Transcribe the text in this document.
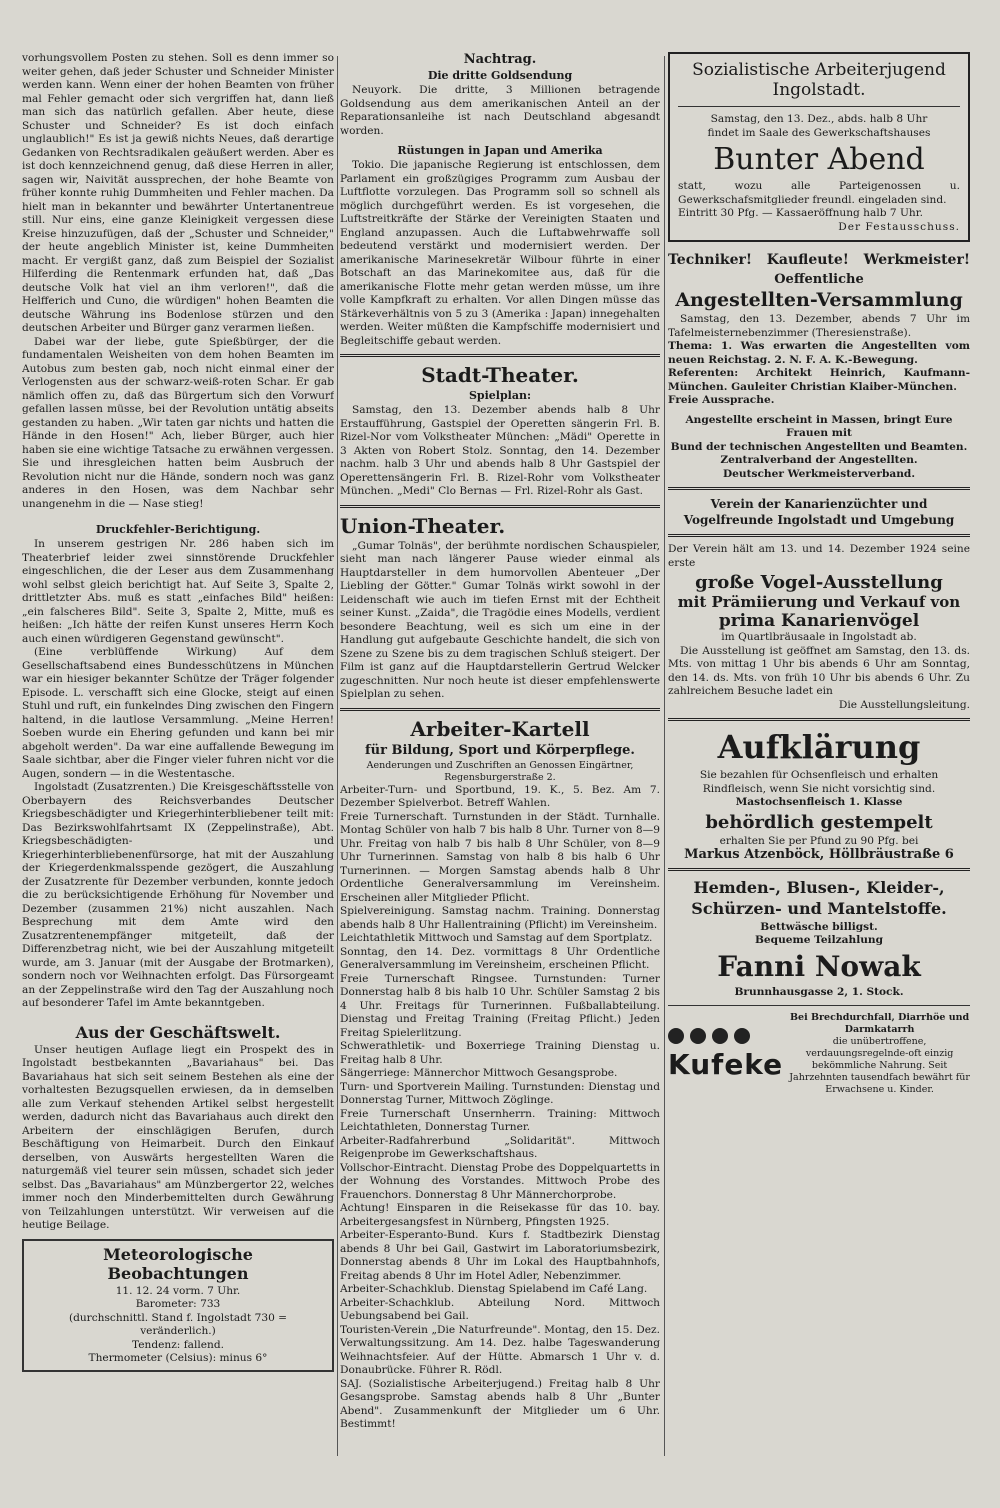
vorhungsvollem Posten zu stehen. Soll es denn immer so weiter gehen, daß jeder Schuster und Schneider Minister werden kann. Wenn einer der hohen Beamten von früher mal Fehler gemacht oder sich vergriffen hat, dann ließ man sich das natürlich gefallen. Aber heute, diese Schuster und Schneider? Es ist doch einfach unglaublich!" Es ist ja gewiß nichts Neues, daß derartige Gedanken von Rechtsradikalen geäußert werden. Aber es ist doch kennzeichnend genug, daß diese Herren in aller, sagen wir, Naivität aussprechen, der hohe Beamte von früher konnte ruhig Dummheiten und Fehler machen. Da hielt man in bekannter und bewährter Untertanentreue still. Nur eins, eine ganze Kleinigkeit vergessen diese Kreise hinzuzufügen, daß der „Schuster und Schneider," der heute angeblich Minister ist, keine Dummheiten macht. Er vergißt ganz, daß zum Beispiel der Sozialist Hilferding die Rentenmark erfunden hat, daß „Das deutsche Volk hat viel an ihm verloren!", daß die Helfferich und Cuno, die würdigen" hohen Beamten die deutsche Währung ins Bodenlose stürzen und den deutschen Arbeiter und Bürger ganz verarmen ließen.

Dabei war der liebe, gute Spießbürger, der die fundamentalen Weisheiten von dem hohen Beamten im Autobus zum besten gab, noch nicht einmal einer der Verlogensten aus der schwarz-weiß-roten Schar. Er gab nämlich offen zu, daß das Bürgertum sich den Vorwurf gefallen lassen müsse, bei der Revolution untätig abseits gestanden zu haben. „Wir taten gar nichts und hatten die Hände in den Hosen!" Ach, lieber Bürger, auch hier haben sie eine wichtige Tatsache zu erwähnen vergessen. Sie und ihresgleichen hatten beim Ausbruch der Revolution nicht nur die Hände, sondern noch was ganz anderes in den Hosen, was dem Nachbar sehr unangenehm in die — Nase stieg!

Druckfehler-Berichtigung.

In unserem gestrigen Nr. 286 haben sich im Theaterbrief leider zwei sinnstörende Druckfehler eingeschlichen, die der Leser aus dem Zusammenhang wohl selbst gleich berichtigt hat. Auf Seite 3, Spalte 2, drittletzter Abs. muß es statt „einfaches Bild" heißen: „ein falscheres Bild". Seite 3, Spalte 2, Mitte, muß es heißen: „Ich hätte der reifen Kunst unseres Herrn Koch auch einen würdigeren Gegenstand gewünscht".

(Eine verblüffende Wirkung) Auf dem Gesellschaftsabend eines Bundesschützens in München war ein hiesiger bekannter Schütze der Träger folgender Episode. L. verschafft sich eine Glocke, steigt auf einen Stuhl und ruft, ein funkelndes Ding zwischen den Fingern haltend, in die lautlose Versammlung. „Meine Herren! Soeben wurde ein Ehering gefunden und kann bei mir abgeholt werden". Da war eine auffallende Bewegung im Saale sichtbar, aber die Finger vieler fuhren nicht vor die Augen, sondern — in die Westentasche.

Ingolstadt (Zusatzrenten.) Die Kreisgeschäftsstelle von Oberbayern des Reichsverbandes Deutscher Kriegsbeschädigter und Kriegerhinterbliebener teilt mit: Das Bezirkswohlfahrtsamt IX (Zeppelinstraße), Abt. Kriegsbeschädigten- und Kriegerhinterbliebenenfürsorge, hat mit der Auszahlung der Kriegerdenkmalsspende gezögert, die Auszahlung der Zusatzrente für Dezember verbunden, konnte jedoch die zu berücksichtigende Erhöhung für November und Dezember (zusammen 21%) nicht auszahlen. Nach Besprechung mit dem Amte wird den Zusatzrentenempfänger mitgeteilt, daß der Differenzbetrag nicht, wie bei der Auszahlung mitgeteilt wurde, am 3. Januar (mit der Ausgabe der Brotmarken), sondern noch vor Weihnachten erfolgt. Das Fürsorgeamt an der Zeppelinstraße wird den Tag der Auszahlung noch auf besonderer Tafel im Amte bekanntgeben.

Aus der Geschäftswelt.

Unser heutigen Auflage liegt ein Prospekt des in Ingolstadt bestbekannten „Bavariahaus" bei. Das Bavariahaus hat sich seit seinem Bestehen als eine der vorhaltesten Bezugsquellen erwiesen, da in demselben alle zum Verkauf stehenden Artikel selbst hergestellt werden, dadurch nicht das Bavariahaus auch direkt den Arbeitern der einschlägigen Berufen, durch Beschäftigung von Heimarbeit. Durch den Einkauf derselben, von Auswärts hergestellten Waren die naturgemäß viel teurer sein müssen, schadet sich jeder selbst. Das „Bavariahaus" am Münzbergertor 22, welches immer noch den Minderbemittelten durch Gewährung von Teilzahlungen unterstützt. Wir verweisen auf die heutige Beilage.

Meteorologische Beobachtungen

11. 12. 24 vorm. 7 Uhr.

Barometer: 733

(durchschnittl. Stand f. Ingolstadt 730 = veränderlich.)

Tendenz: fallend.

Thermometer (Celsius): minus 6°

Nachtrag.
Die dritte Goldsendung

Neuyork. Die dritte, 3 Millionen betragende Goldsendung aus dem amerikanischen Anteil an der Reparationsanleihe ist nach Deutschland abgesandt worden.

Rüstungen in Japan und Amerika

Tokio. Die japanische Regierung ist entschlossen, dem Parlament ein großzügiges Programm zum Ausbau der Luftflotte vorzulegen. Das Programm soll so schnell als möglich durchgeführt werden. Es ist vorgesehen, die Luftstreitkräfte der Stärke der Vereinigten Staaten und England anzupassen. Auch die Luftabwehrwaffe soll bedeutend verstärkt und modernisiert werden. Der amerikanische Marinesekretär Wilbour führte in einer Botschaft an das Marinekomitee aus, daß für die amerikanische Flotte mehr getan werden müsse, um ihre volle Kampfkraft zu erhalten. Vor allen Dingen müsse das Stärkeverhältnis von 5 zu 3 (Amerika : Japan) innegehalten werden. Weiter müßten die Kampfschiffe modernisiert und Begleitschiffe gebaut werden.

Stadt-Theater.
Spielplan:

Samstag, den 13. Dezember abends halb 8 Uhr Erstaufführung, Gastspiel der Operetten sängerin Frl. B. Rizel-Nor vom Volkstheater München: „Mädi" Operette in 3 Akten von Robert Stolz. Sonntag, den 14. Dezember nachm. halb 3 Uhr und abends halb 8 Uhr Gastspiel der Operettensängerin Frl. B. Rizel-Rohr vom Volkstheater München. „Medi" Clo Bernas — Frl. Rizel-Rohr als Gast.

Union-Theater.

„Gumar Tolnäs", der berühmte nordischen Schauspieler, sieht man nach längerer Pause wieder einmal als Hauptdarsteller in dem humorvollen Abenteuer „Der Liebling der Götter." Gumar Tolnäs wirkt sowohl in der Leidenschaft wie auch im tiefen Ernst mit der Echtheit seiner Kunst. „Zaida", die Tragödie eines Modells, verdient besondere Beachtung, weil es sich um eine in der Handlung gut aufgebaute Geschichte handelt, die sich von Szene zu Szene bis zu dem tragischen Schluß steigert. Der Film ist ganz auf die Hauptdarstellerin Gertrud Welcker zugeschnitten. Nur noch heute ist dieser empfehlenswerte Spielplan zu sehen.

Arbeiter-Kartell
für Bildung, Sport und Körperpflege.

Aenderungen und Zuschriften an Genossen Eingärtner, Regensburgerstraße 2.

Arbeiter-Turn- und Sportbund, 19. K., 5. Bez. Am 7. Dezember Spielverbot. Betreff Wahlen.

Freie Turnerschaft. Turnstunden in der Städt. Turnhalle. Montag Schüler von halb 7 bis halb 8 Uhr. Turner von 8—9 Uhr. Freitag von halb 7 bis halb 8 Uhr Schüler, von 8—9 Uhr Turnerinnen. Samstag von halb 8 bis halb 6 Uhr Turnerinnen. — Morgen Samstag abends halb 8 Uhr Ordentliche Generalversammlung im Vereinsheim. Erscheinen aller Mitglieder Pflicht.

Spielvereinigung. Samstag nachm. Training. Donnerstag abends halb 8 Uhr Hallentraining (Pflicht) im Vereinsheim.

Leichtathletik Mittwoch und Samstag auf dem Sportplatz.

Sonntag, den 14. Dez. vormittags 8 Uhr Ordentliche Generalversammlung im Vereinsheim, erscheinen Pflicht.

Freie Turnerschaft Ringsee. Turnstunden: Turner Donnerstag halb 8 bis halb 10 Uhr. Schüler Samstag 2 bis 4 Uhr. Freitags für Turnerinnen. Fußballabteilung. Dienstag und Freitag Training (Freitag Pflicht.) Jeden Freitag Spielerlitzung.

Schwerathletik- und Boxerriege Training Dienstag u. Freitag halb 8 Uhr.

Sängerriege: Männerchor Mittwoch Gesangsprobe.

Turn- und Sportverein Mailing. Turnstunden: Dienstag und Donnerstag Turner, Mittwoch Zöglinge.

Freie Turnerschaft Unsernherrn. Training: Mittwoch Leichtathleten, Donnerstag Turner.

Arbeiter-Radfahrerbund „Solidarität". Mittwoch Reigenprobe im Gewerkschaftshaus.

Vollschor-Eintracht. Dienstag Probe des Doppelquartetts in der Wohnung des Vorstandes. Mittwoch Probe des Frauenchors. Donnerstag 8 Uhr Männerchorprobe.

Achtung! Einsparen in die Reisekasse für das 10. bay. Arbeitergesangsfest in Nürnberg, Pfingsten 1925.

Arbeiter-Esperanto-Bund. Kurs f. Stadtbezirk Dienstag abends 8 Uhr bei Gail, Gastwirt im Laboratoriumsbezirk, Donnerstag abends 8 Uhr im Lokal des Hauptbahnhofs, Freitag abends 8 Uhr im Hotel Adler, Nebenzimmer.

Arbeiter-Schachklub. Dienstag Spielabend im Café Lang.

Arbeiter-Schachklub. Abteilung Nord. Mittwoch Uebungsabend bei Gail.

Touristen-Verein „Die Naturfreunde". Montag, den 15. Dez. Verwaltungssitzung. Am 14. Dez. halbe Tageswanderung Weihnachtsfeier. Auf der Hütte. Abmarsch 1 Uhr v. d. Donaubrücke. Führer R. Rödl.

SAJ. (Sozialistische Arbeiterjugend.) Freitag halb 8 Uhr Gesangsprobe. Samstag abends halb 8 Uhr „Bunter Abend". Zusammenkunft der Mitglieder um 6 Uhr. Bestimmt!

Sozialistische Arbeiterjugend
Ingolstadt.

Samstag, den 13. Dez., abds. halb 8 Uhr

findet im Saale des Gewerkschaftshauses

Bunter Abend

statt, wozu alle Parteigenossen u. Gewerkschafsmitglieder freundl. eingeladen sind.

Eintritt 30 Pfg. — Kassaeröffnung halb 7 Uhr.

Der Festausschuss.

Techniker! Kaufleute! Werkmeister!
Oeffentliche
Angestellten-Versammlung

Samstag, den 13. Dezember, abends 7 Uhr im Tafelmeisternebenzimmer (Theresienstraße).

Thema: 1. Was erwarten die Angestellten vom neuen Reichstag. 2. N. F. A. K.-Bewegung.

Referenten: Architekt Heinrich, Kaufmann-München. Gauleiter Christian Klaiber-München.

Freie Aussprache.

Angestellte erscheint in Massen, bringt Eure Frauen mit

Bund der technischen Angestellten und Beamten.

Zentralverband der Angestellten.

Deutscher Werkmeisterverband.

Verein der Kanarienzüchter und Vogelfreunde Ingolstadt und Umgebung

Der Verein hält am 13. und 14. Dezember 1924 seine erste

große Vogel-Ausstellung
mit Prämiierung und Verkauf von
prima Kanarienvögel

im Quartlbräusaale in Ingolstadt ab.

Die Ausstellung ist geöffnet am Samstag, den 13. ds. Mts. von mittag 1 Uhr bis abends 6 Uhr am Sonntag, den 14. ds. Mts. von früh 10 Uhr bis abends 6 Uhr. Zu zahlreichem Besuche ladet ein

Die Ausstellungsleitung.

Aufklärung

Sie bezahlen für Ochsenfleisch und erhalten Rindfleisch, wenn Sie nicht vorsichtig sind.

Mastochsenfleisch 1. Klasse

behördlich gestempelt

erhalten Sie per Pfund zu 90 Pfg. bei

Markus Atzenböck, Höllbräustraße 6

Hemden-, Blusen-, Kleider-, Schürzen- und Mantelstoffe.

Bettwäsche billigst.

Bequeme Teilzahlung

Fanni Nowak

Brunnhausgasse 2, 1. Stock.

Kufeke

Bei Brechdurchfall, Diarrhöe und Darmkatarrh

die unübertroffene, verdauungsregelnde-oft einzig bekömmliche Nahrung. Seit Jahrzehnten tausendfach bewährt für Erwachsene u. Kinder.
